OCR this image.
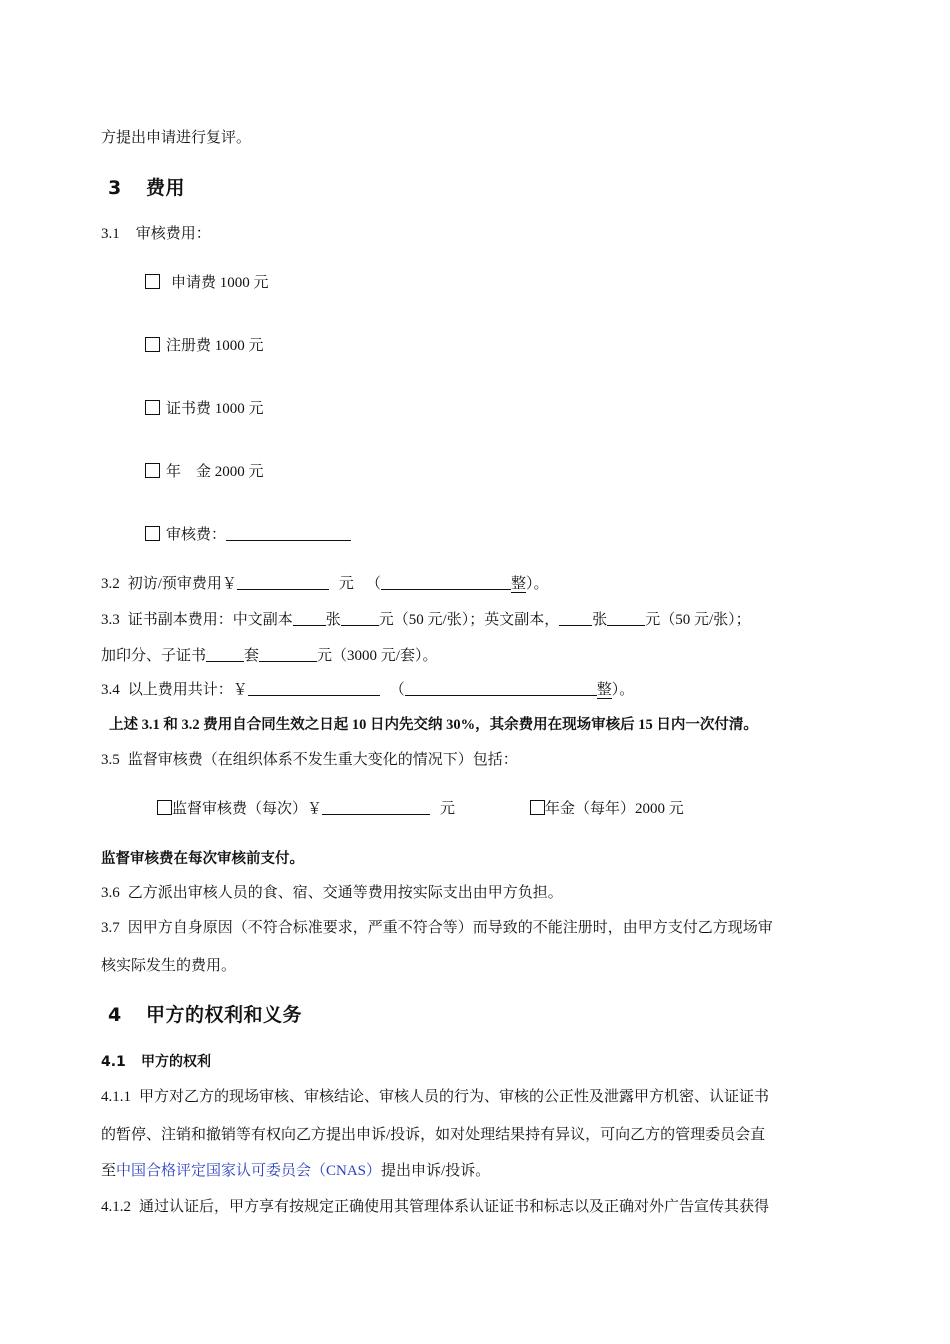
方提出申请进行复评。
3 费用
3.1 审核费用：
申请费 1000 元
注册费 1000 元
证书费 1000 元
年　金 2000 元
审核费：
3.2 初访/预审费用￥	元 （	整）。
3.3 证书副本费用：中文副本 张	元（50 元/张）；英文副本， 张	元（50 元/张）；
加印分、子证书	套	元（3000 元/套）。
3.4 以上费用共计：￥	（	整）。
上述 3.1 和 3.2 费用自合同生效之日起 10 日内先交纳 30%，其余费用在现场审核后 15 日内一次付清。
3.5 监督审核费（在组织体系不发生重大变化的情况下）包括：
监督审核费（每次）￥	元	年金（每年）2000 元
监督审核费在每次审核前支付。
3.6 乙方派出审核人员的食、宿、交通等费用按实际支出由甲方负担。
3.7 因甲方自身原因（不符合标准要求，严重不符合等）而导致的不能注册时，由甲方支付乙方现场审
核实际发生的费用。
4 甲方的权利和义务
4.1 甲方的权利
4.1.1 甲方对乙方的现场审核、审核结论、审核人员的行为、审核的公正性及泄露甲方机密、认证证书
的暂停、注销和撤销等有权向乙方提出申诉/投诉，如对处理结果持有异议，可向乙方的管理委员会直
至中国合格评定国家认可委员会（CNAS）提出申诉/投诉。
4.1.2 通过认证后，甲方享有按规定正确使用其管理体系认证证书和标志以及正确对外广告宣传其获得
